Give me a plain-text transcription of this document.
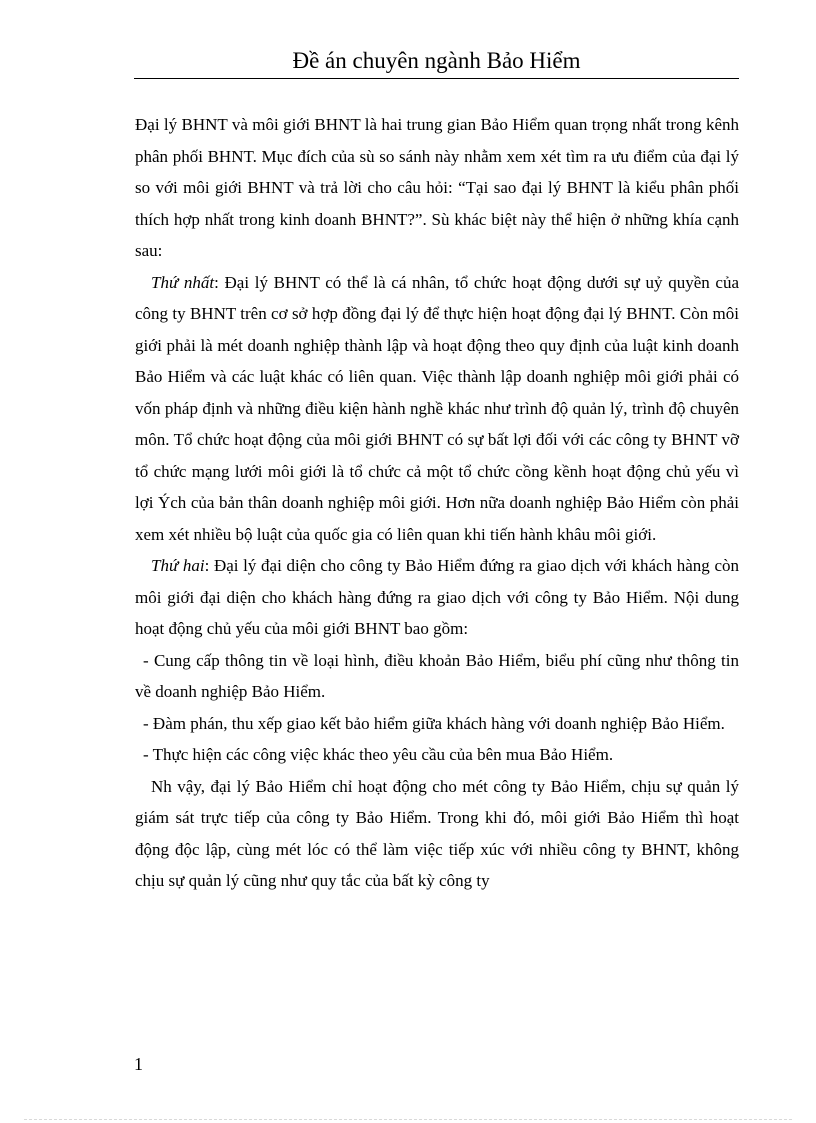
Đề án chuyên ngành Bảo Hiểm

Đại lý BHNT và môi giới BHNT là hai trung gian Bảo Hiểm quan trọng nhất trong kênh phân phối BHNT. Mục đích của sù so sánh này nhằm xem xét tìm ra ưu điểm của đại lý so với môi giới BHNT và trả lời cho câu hỏi: “Tại sao đại lý BHNT là kiểu phân phối thích hợp nhất trong kinh doanh BHNT?”. Sù khác biệt này thể hiện ở những khía cạnh sau:

Thứ nhất: Đại lý BHNT có thể là cá nhân, tổ chức hoạt động dưới sự uỷ quyền của công ty BHNT trên cơ sở hợp đồng đại lý để thực hiện hoạt động đại lý BHNT. Còn môi giới phải là mét doanh nghiệp thành lập và hoạt động theo quy định của luật kinh doanh Bảo Hiểm và các luật khác có liên quan. Việc thành lập doanh nghiệp môi giới phải có vốn pháp định và những điều kiện hành nghề khác như trình độ quản lý, trình độ chuyên môn. Tổ chức hoạt động của môi giới BHNT có sự bất lợi đối với các công ty BHNT vỡ tổ chức mạng lưới môi giới là tổ chức cả một tổ chức cồng kềnh hoạt động chủ yếu vì lợi Ých của bản thân doanh nghiệp môi giới. Hơn nữa doanh nghiệp Bảo Hiểm còn phải xem xét nhiều bộ luật của quốc gia có liên quan khi tiến hành khâu môi giới.

Thứ hai: Đại lý đại diện cho công ty Bảo Hiểm đứng ra giao dịch với khách hàng còn môi giới đại diện cho khách hàng đứng ra giao dịch với công ty Bảo Hiểm. Nội dung hoạt động chủ yếu của môi giới BHNT bao gồm:

- Cung cấp thông tin về loại hình, điều khoản Bảo Hiểm, biểu phí cũng như thông tin về doanh nghiệp Bảo Hiểm.

- Đàm phán, thu xếp giao kết bảo hiểm giữa khách hàng với doanh nghiệp Bảo Hiểm.

- Thực hiện các công việc khác theo yêu cầu của bên mua Bảo Hiểm.

Nh vậy, đại lý Bảo Hiểm chỉ hoạt động cho mét công ty Bảo Hiểm, chịu sự quản lý giám sát trực tiếp của công ty Bảo Hiểm. Trong khi đó, môi giới Bảo Hiểm thì hoạt động độc lập, cùng mét lóc có thể làm việc tiếp xúc với nhiều công ty BHNT, không chịu sự quản lý cũng như quy tắc của bất kỳ công ty

1
